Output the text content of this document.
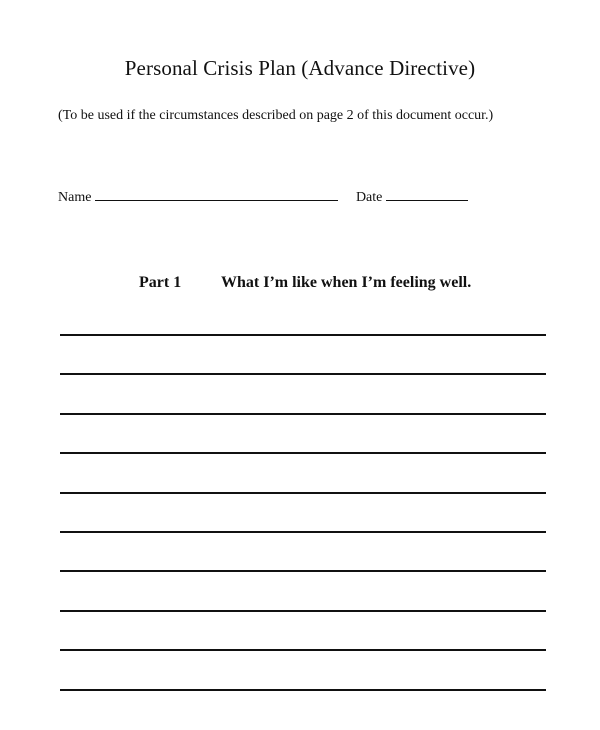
Personal Crisis Plan (Advance Directive)
(To be used if the circumstances described on page 2 of this document occur.)
Name	Date
Part 1 What I’m like when I’m feeling well.
